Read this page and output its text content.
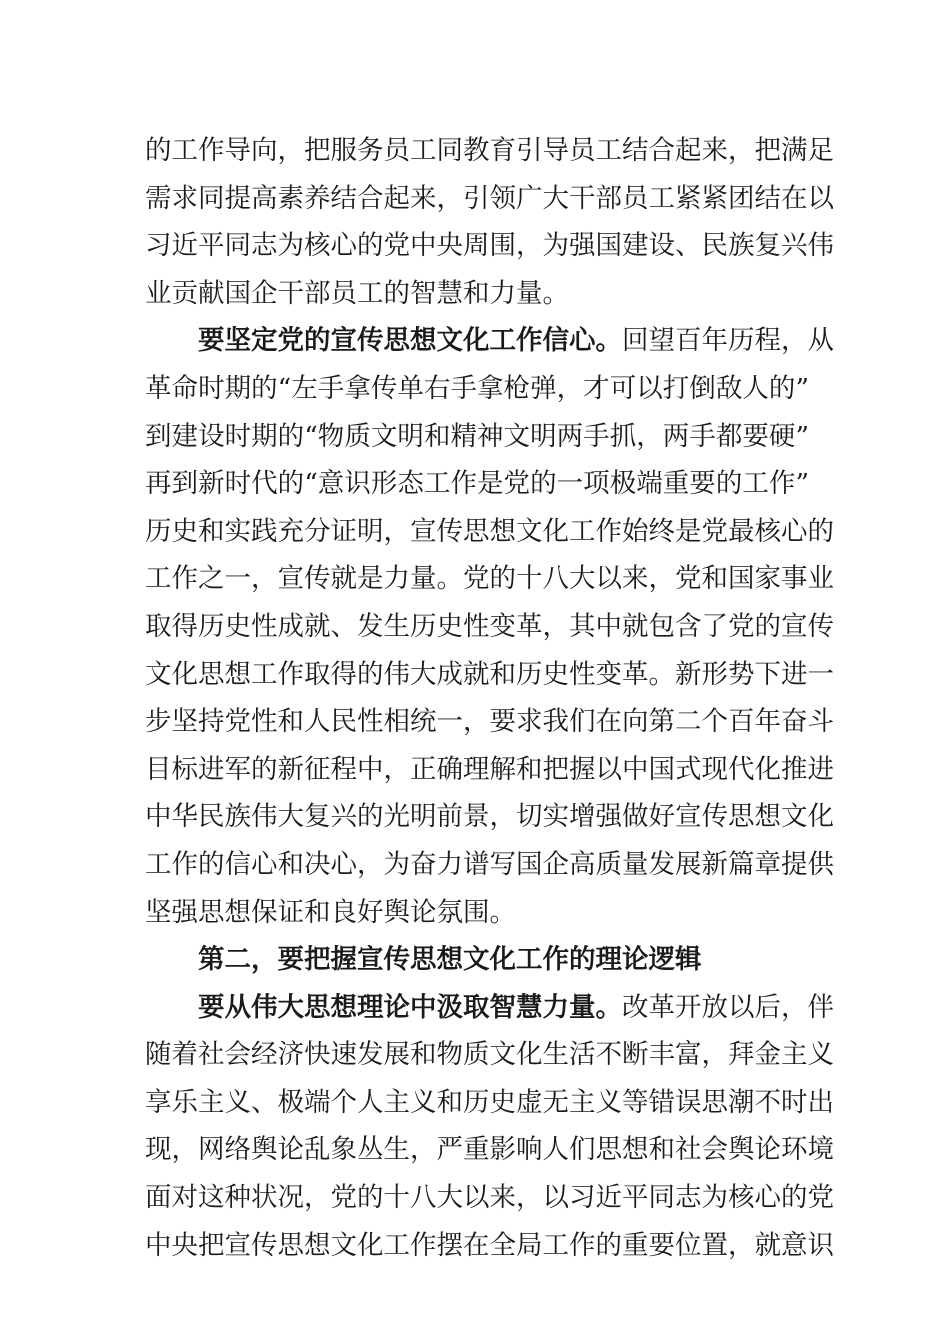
的工作导向，把服务员工同教育引导员工结合起来，把满足
需求同提高素养结合起来，引领广大干部员工紧紧团结在以
习近平同志为核心的党中央周围，为强国建设、民族复兴伟
业贡献国企干部员工的智慧和力量。
要坚定党的宣传思想文化工作信心。回望百年历程，从
革命时期的“左手拿传单右手拿枪弹，才可以打倒敌人的”
到建设时期的“物质文明和精神文明两手抓，两手都要硬”
再到新时代的“意识形态工作是党的一项极端重要的工作”
历史和实践充分证明，宣传思想文化工作始终是党最核心的
工作之一，宣传就是力量。党的十八大以来，党和国家事业
取得历史性成就、发生历史性变革，其中就包含了党的宣传
文化思想工作取得的伟大成就和历史性变革。新形势下进一
步坚持党性和人民性相统一，要求我们在向第二个百年奋斗
目标进军的新征程中，正确理解和把握以中国式现代化推进
中华民族伟大复兴的光明前景，切实增强做好宣传思想文化
工作的信心和决心，为奋力谱写国企高质量发展新篇章提供
坚强思想保证和良好舆论氛围。
第二，要把握宣传思想文化工作的理论逻辑
要从伟大思想理论中汲取智慧力量。改革开放以后，伴
随着社会经济快速发展和物质文化生活不断丰富，拜金主义
享乐主义、极端个人主义和历史虚无主义等错误思潮不时出
现，网络舆论乱象丛生，严重影响人们思想和社会舆论环境
面对这种状况，党的十八大以来，以习近平同志为核心的党
中央把宣传思想文化工作摆在全局工作的重要位置，就意识
